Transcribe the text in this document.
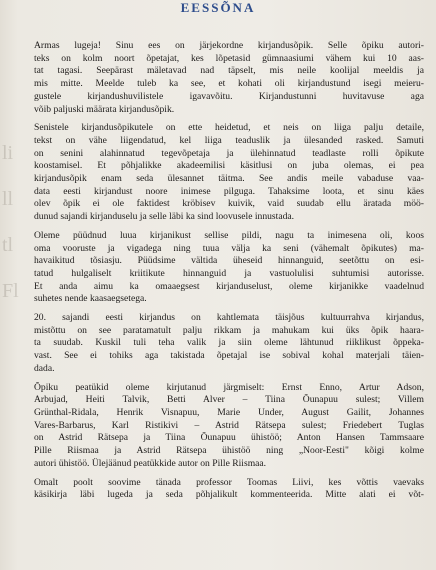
li
ll
tl
Fl
EESSÕNA
Armas lugeja! Sinu ees on järjekordne kirjandusõpik. Selle õpiku autori-
teks on kolm noort õpetajat, kes lõpetasid gümnaasiumi vähem kui 10 aas-
tat tagasi. Seepärast mäletavad nad täpselt, mis neile koolijal meeldis ja
mis mitte. Meelde tuleb ka see, et kohati oli kirjandustund isegi meieru-
gustele kirjandushuvilistele igavavõitu. Kirjandustunni huvitavuse aga
võib paljuski määrata kirjandusõpik.
Senistele kirjandusõpikutele on ette heidetud, et neis on liiga palju detaile,
tekst on vähe liigendatud, kel liiga teaduslik ja ülesanded rasked. Samuti
on senini alahinnatud tegevõpetaja ja ülehinnatud teadlaste rolli õpikute
koostamisel. Et põhjalikke akadeemilisi käsitlusi on juba olemas, ei pea
kirjandusõpik enam seda ülesannet täitma. See andis meile vabaduse vaa-
data eesti kirjandust noore inimese pilguga. Tahaksime loota, et sinu käes
olev õpik ei ole faktidest kröbisev kuivik, vaid suudab ellu äratada möö-
dunud sajandi kirjanduselu ja selle läbi ka sind loovusele innustada.
Oleme püüdnud luua kirjanikust sellise pildi, nagu ta inimesena oli, koos
oma vooruste ja vigadega ning tuua välja ka seni (vähemalt õpikutes) ma-
havaikitud tõsiasju. Püüdsime vältida üheseid hinnanguid, seetõttu on esi-
tatud hulgaliselt kriitikute hinnanguid ja vastuolulisi suhtumisi autorisse.
Et anda aimu ka omaaegsest kirjanduselust, oleme kirjanikke vaadelnud
suhetes nende kaasaegsetega.
20. sajandi eesti kirjandus on kahtlemata täisjõus kultuurrahva kirjandus,
mistõttu on see paratamatult palju rikkam ja mahukam kui üks õpik haara-
ta suudab. Kuskil tuli teha valik ja siin oleme lähtunud riiklikust õppeka-
vast. See ei tohiks aga takistada õpetajal ise sobival kohal materjali täien-
dada.
Õpiku peatükid oleme kirjutanud järgmiselt: Ernst Enno, Artur Adson,
Arbujad, Heiti Talvik, Betti Alver – Tiina Õunapuu sulest; Villem
Grünthal-Ridala, Henrik Visnapuu, Marie Under, August Gailit, Johannes
Vares-Barbarus, Karl Ristikivi – Astrid Rätsepa sulest; Friedebert Tuglas
on Astrid Rätsepa ja Tiina Õunapuu ühistöö; Anton Hansen Tammsaare
Pille Riismaa ja Astrid Rätsepa ühistöö ning „Noor-Eesti" kõigi kolme
autori ühistöö. Ülejäänud peatükkide autor on Pille Riismaa.
Omalt poolt soovime tänada professor Toomas Liivi, kes võttis vaevaks
käsikirja läbi lugeda ja seda põhjalikult kommenteerida. Mitte alati ei võt-
